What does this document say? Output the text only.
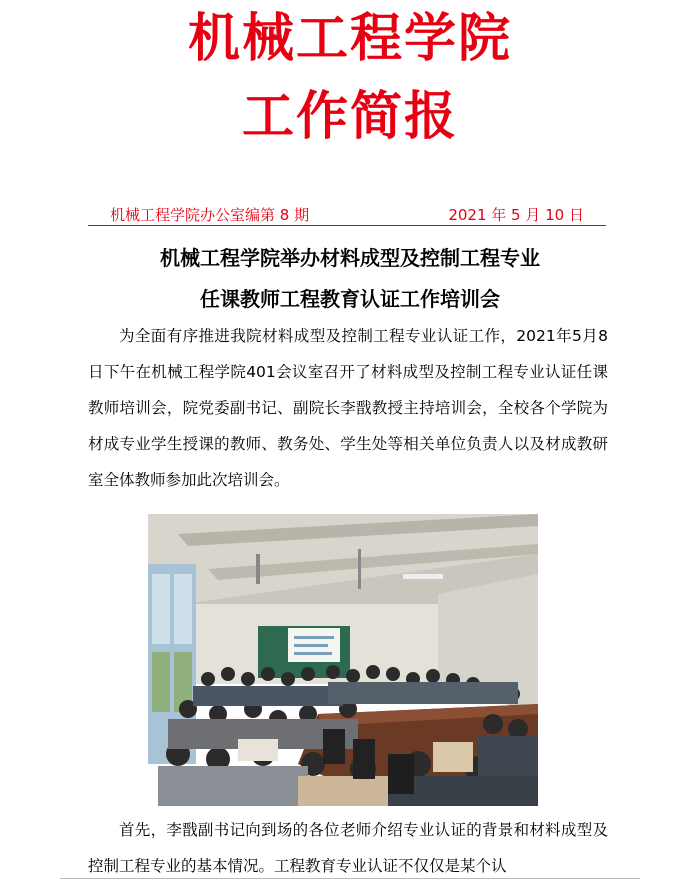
机械工程学院
工作简报
机械工程学院办公室编第 8 期	2021 年 5 月 10 日
机械工程学院举办材料成型及控制工程专业
任课教师工程教育认证工作培训会
为全面有序推进我院材料成型及控制工程专业认证工作，2021年5月8日下午在机械工程学院401会议室召开了材料成型及控制工程专业认证任课教师培训会，院党委副书记、副院长李戬教授主持培训会，全校各个学院为材成专业学生授课的教师、教务处、学生处等相关单位负责人以及材成教研室全体教师参加此次培训会。
首先，李戬副书记向到场的各位老师介绍专业认证的背景和材料成型及控制工程专业的基本情况。工程教育专业认证不仅仅是某个认
